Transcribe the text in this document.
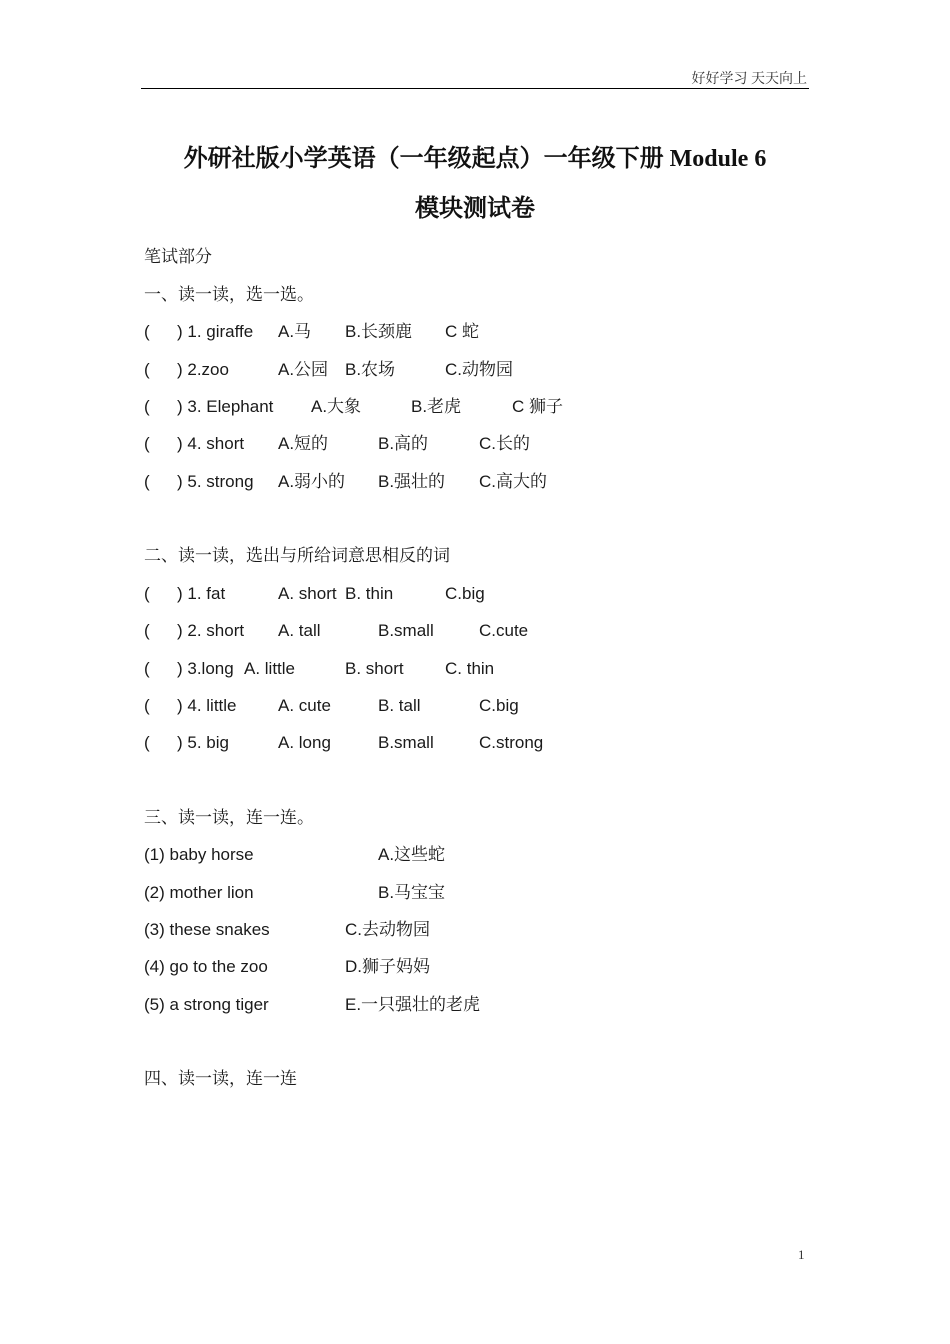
好好学习 天天向上
外研社版小学英语（一年级起点）一年级下册 Module 6
模块测试卷
笔试部分
一、读一读，选一选。
( ) 1. giraffe A.马 B.长颈鹿 C 蛇
( ) 2.zoo	A.公园 B.农场	C.动物园
( ) 3. Elephant A.大象	B.老虎	C 狮子
( ) 4. short A.短的	B.高的	C.长的
( ) 5. strong A.弱小的 B.强壮的 C.高大的
二、读一读，选出与所给词意思相反的词
( ) 1. fat	A. short B. thin	C.big
( ) 2. short A. tall	B.small	C.cute
( ) 3.long A. little	B. short C. thin
( ) 4. little A. cute	B. tall	C.big
( ) 5. big	A. long	B.small	C.strong
三、读一读，连一连。
(1) baby horse	A.这些蛇
(2) mother lion	B.马宝宝
(3) these snakes	C.去动物园
(4) go to the zoo	D.狮子妈妈
(5) a strong tiger	E.一只强壮的老虎
四、读一读，连一连
1
